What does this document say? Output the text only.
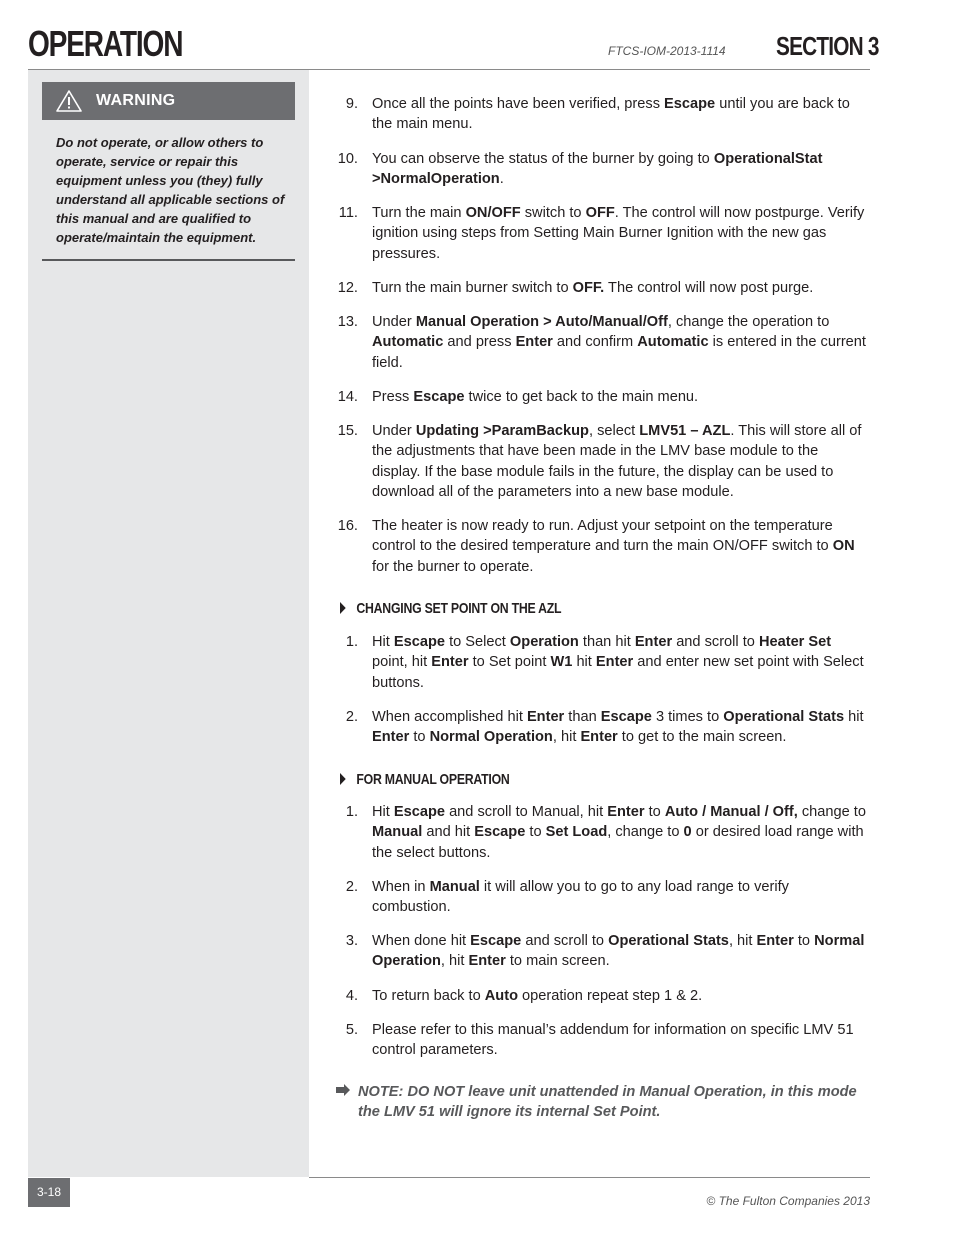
OPERATION	FTCS-IOM-2013-1114 SECTION 3
WARNING
Do not operate, or allow others to operate, service or repair this equipment unless you (they) fully understand all applicable sections of this manual and are qualified to operate/maintain the equipment.
9. Once all the points have been verified, press Escape until you are back to the main menu.
10. You can observe the status of the burner by going to OperationalStat >NormalOperation.
11. Turn the main ON/OFF switch to OFF. The control will now postpurge. Verify ignition using steps from Setting Main Burner Ignition with the new gas pressures.
12. Turn the main burner switch to OFF. The control will now post purge.
13. Under Manual Operation > Auto/Manual/Off, change the operation to Automatic and press Enter and confirm Automatic is entered in the current field.
14. Press Escape twice to get back to the main menu.
15. Under Updating >ParamBackup, select LMV51 – AZL. This will store all of the adjustments that have been made in the LMV base module to the display. If the base module fails in the future, the display can be used to download all of the parameters into a new base module.
16. The heater is now ready to run. Adjust your setpoint on the temperature control to the desired temperature and turn the main ON/OFF switch to ON for the burner to operate.
CHANGING SET POINT ON THE AZL
1. Hit Escape to Select Operation than hit Enter and scroll to Heater Set point, hit Enter to Set point W1 hit Enter and enter new set point with Select buttons.
2. When accomplished hit Enter than Escape 3 times to Operational Stats hit Enter to Normal Operation, hit Enter to get to the main screen.
FOR MANUAL OPERATION
1. Hit Escape and scroll to Manual, hit Enter to Auto / Manual / Off, change to Manual and hit Escape to Set Load, change to 0 or desired load range with the select buttons.
2. When in Manual it will allow you to go to any load range to verify combustion.
3. When done hit Escape and scroll to Operational Stats, hit Enter to Normal Operation, hit Enter to main screen.
4. To return back to Auto operation repeat step 1 & 2.
5. Please refer to this manual’s addendum for information on specific LMV 51 control parameters.
NOTE: DO NOT leave unit unattended in Manual Operation, in this mode the LMV 51 will ignore its internal Set Point.
3-18
© The Fulton Companies 2013
